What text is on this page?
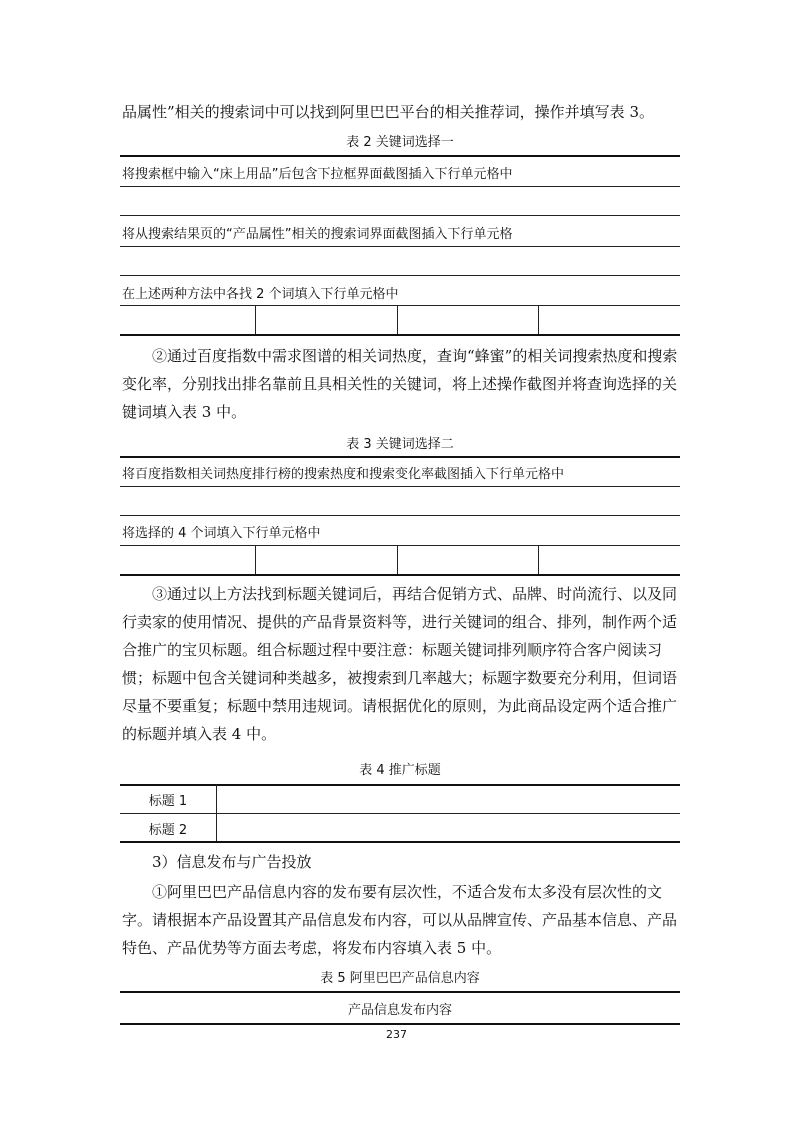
品属性”相关的搜索词中可以找到阿里巴巴平台的相关推荐词，操作并填写表 3。

表 2 关键词选择一
将搜索框中输入“床上用品”后包含下拉框界面截图插入下行单元格中
将从搜索结果页的“产品属性”相关的搜索词界面截图插入下行单元格
在上述两种方法中各找 2 个词填入下行单元格中

②通过百度指数中需求图谱的相关词热度，查询“蜂蜜”的相关词搜索热度和搜索变化率，分别找出排名靠前且具相关性的关键词，将上述操作截图并将查询选择的关键词填入表 3 中。

表 3 关键词选择二
将百度指数相关词热度排行榜的搜索热度和搜索变化率截图插入下行单元格中
将选择的 4 个词填入下行单元格中

③通过以上方法找到标题关键词后，再结合促销方式、品牌、时尚流行、以及同行卖家的使用情况、提供的产品背景资料等，进行关键词的组合、排列，制作两个适合推广的宝贝标题。组合标题过程中要注意：标题关键词排列顺序符合客户阅读习惯；标题中包含关键词种类越多，被搜索到几率越大；标题字数要充分利用，但词语尽量不要重复；标题中禁用违规词。请根据优化的原则，为此商品设定两个适合推广的标题并填入表 4 中。

表 4 推广标题
标题 1
标题 2

3）信息发布与广告投放

①阿里巴巴产品信息内容的发布要有层次性，不适合发布太多没有层次性的文字。请根据本产品设置其产品信息发布内容，可以从品牌宣传、产品基本信息、产品特色、产品优势等方面去考虑，将发布内容填入表 5 中。

表 5 阿里巴巴产品信息内容
产品信息发布内容
237
